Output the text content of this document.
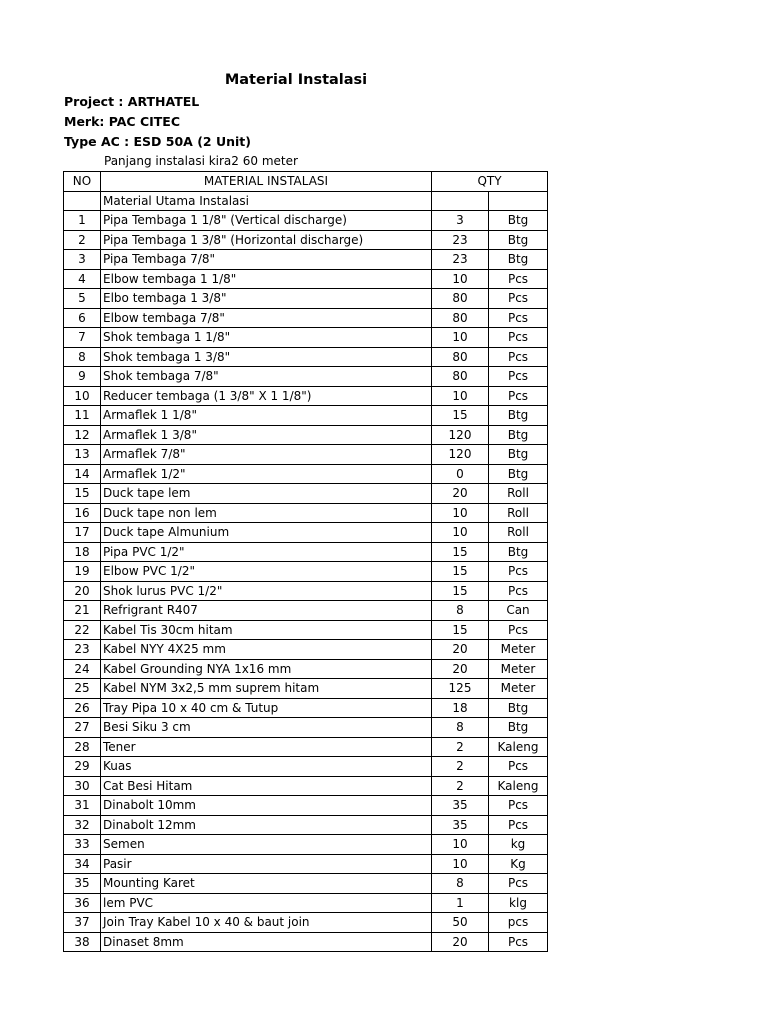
Material Instalasi
Project : ARTHATEL
Merk: PAC CITEC
Type AC : ESD 50A (2 Unit)
Panjang instalasi kira2 60 meter
NO	MATERIAL INSTALASI	QTY	
	Material Utama Instalasi		
1	Pipa Tembaga 1 1/8" (Vertical discharge)	3	Btg
2	Pipa Tembaga 1 3/8" (Horizontal discharge)	23	Btg
3	Pipa Tembaga 7/8"	23	Btg
4	Elbow tembaga 1 1/8"	10	Pcs
5	Elbo tembaga 1 3/8"	80	Pcs
6	Elbow tembaga 7/8"	80	Pcs
7	Shok tembaga 1 1/8"	10	Pcs
8	Shok tembaga 1 3/8"	80	Pcs
9	Shok tembaga 7/8"	80	Pcs
10	Reducer tembaga (1 3/8" X 1 1/8")	10	Pcs
11	Armaflek 1 1/8"	15	Btg
12	Armaflek 1 3/8"	120	Btg
13	Armaflek 7/8"	120	Btg
14	Armaflek 1/2"	0	Btg
15	Duck tape lem	20	Roll
16	Duck tape non lem	10	Roll
17	Duck tape Almunium	10	Roll
18	Pipa PVC 1/2"	15	Btg
19	Elbow PVC 1/2"	15	Pcs
20	Shok lurus PVC 1/2"	15	Pcs
21	Refrigrant R407	8	Can
22	Kabel Tis 30cm hitam	15	Pcs
23	Kabel NYY 4X25 mm	20	Meter
24	Kabel Grounding NYA 1x16 mm	20	Meter
25	Kabel NYM 3x2,5 mm suprem hitam	125	Meter
26	Tray Pipa 10 x 40 cm & Tutup	18	Btg
27	Besi Siku 3 cm	8	Btg
28	Tener	2	Kaleng
29	Kuas	2	Pcs
30	Cat Besi Hitam	2	Kaleng
31	Dinabolt 10mm	35	Pcs
32	Dinabolt 12mm	35	Pcs
33	Semen	10	kg
34	Pasir	10	Kg
35	Mounting Karet	8	Pcs
36	lem PVC	1	klg
37	Join Tray Kabel 10 x 40 & baut join	50	pcs
38	Dinaset 8mm	20	Pcs
